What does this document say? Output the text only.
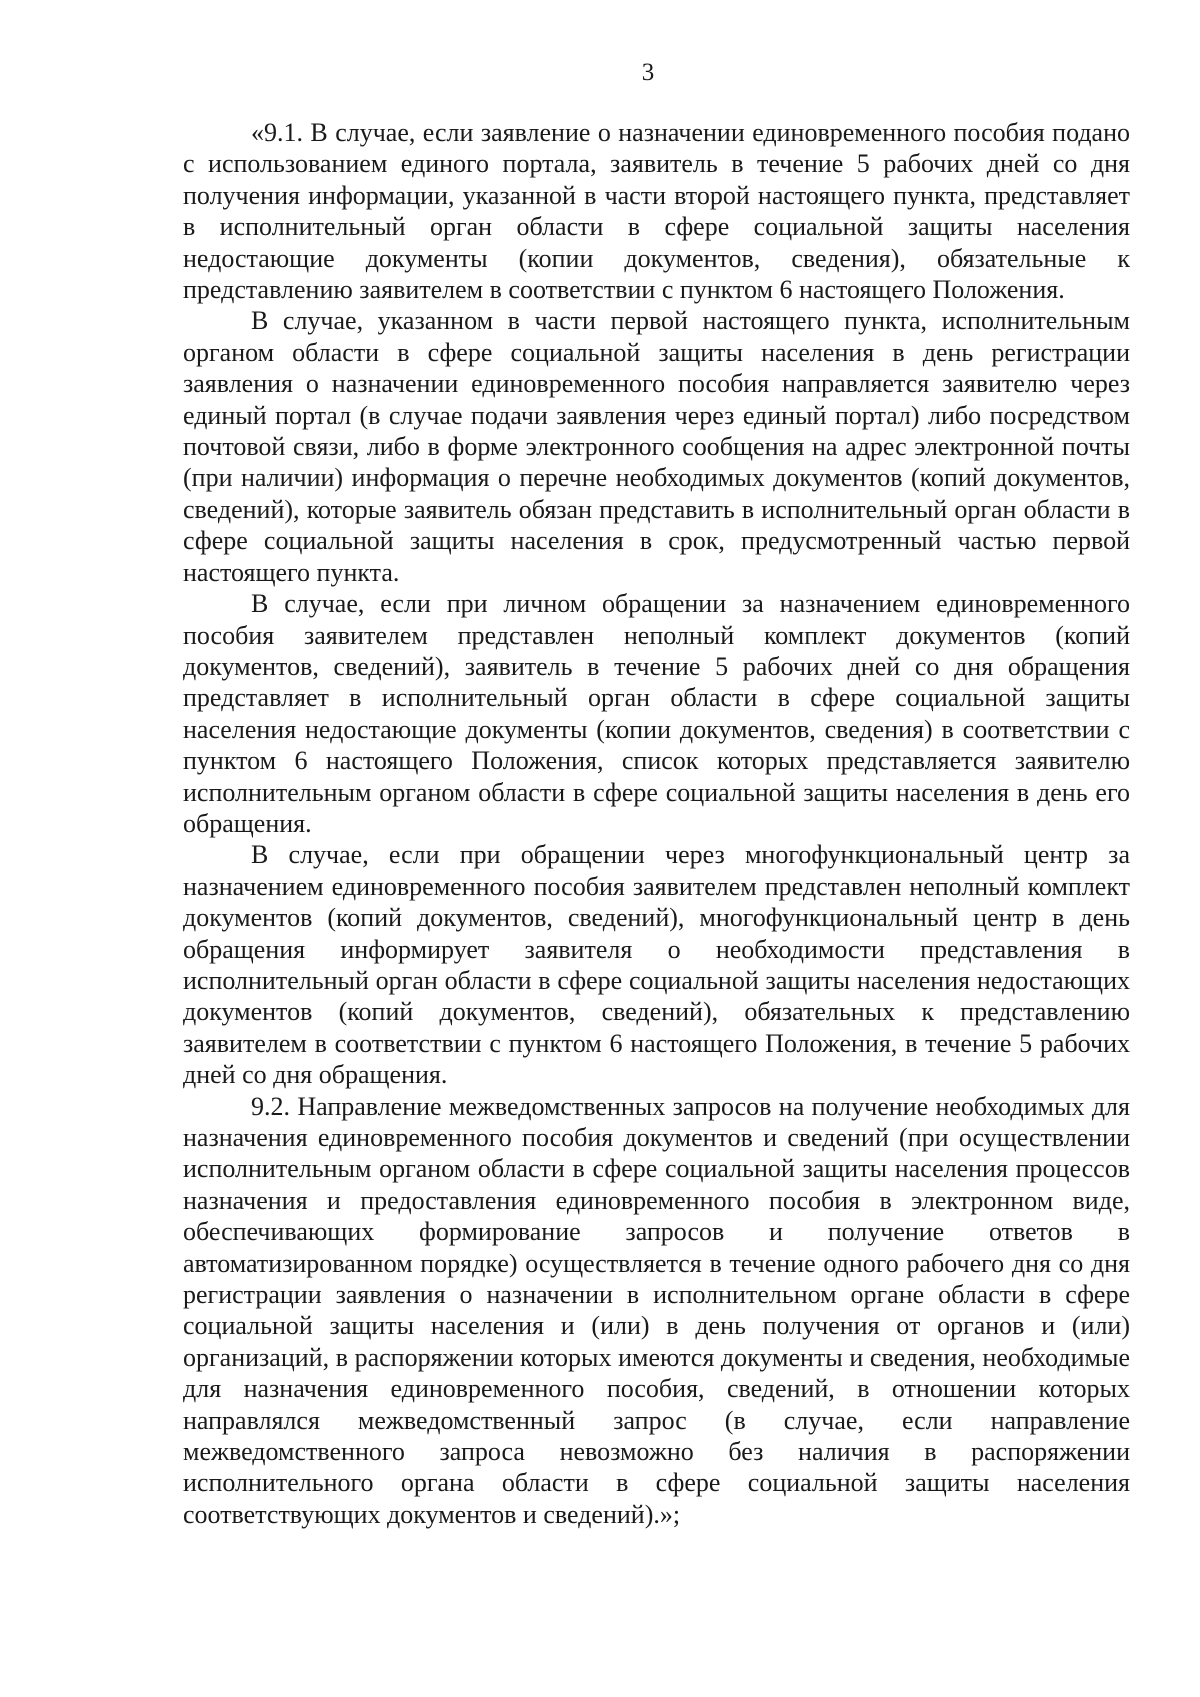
3

«9.1. В случае, если заявление о назначении единовременного пособия подано с использованием единого портала, заявитель в течение 5 рабочих дней со дня получения информации, указанной в части второй настоящего пункта, представляет в исполнительный орган области в сфере социальной защиты населения недостающие документы (копии документов, сведения), обязательные к представлению заявителем в соответствии с пунктом 6 настоящего Положения.

В случае, указанном в части первой настоящего пункта, исполнительным органом области в сфере социальной защиты населения в день регистрации заявления о назначении единовременного пособия направляется заявителю через единый портал (в случае подачи заявления через единый портал) либо посредством почтовой связи, либо в форме электронного сообщения на адрес электронной почты (при наличии) информация о перечне необходимых документов (копий документов, сведений), которые заявитель обязан представить в исполнительный орган области в сфере социальной защиты населения в срок, предусмотренный частью первой настоящего пункта.

В случае, если при личном обращении за назначением единовременного пособия заявителем представлен неполный комплект документов (копий документов, сведений), заявитель в течение 5 рабочих дней со дня обращения представляет в исполнительный орган области в сфере социальной защиты населения недостающие документы (копии документов, сведения) в соответствии с пунктом 6 настоящего Положения, список которых представляется заявителю исполнительным органом области в сфере социальной защиты населения в день его обращения.

В случае, если при обращении через многофункциональный центр за назначением единовременного пособия заявителем представлен неполный комплект документов (копий документов, сведений), многофункциональный центр в день обращения информирует заявителя о необходимости представления в исполнительный орган области в сфере социальной защиты населения недостающих документов (копий документов, сведений), обязательных к представлению заявителем в соответствии с пунктом 6 настоящего Положения, в течение 5 рабочих дней со дня обращения.

9.2. Направление межведомственных запросов на получение необходимых для назначения единовременного пособия документов и сведений (при осуществлении исполнительным органом области в сфере социальной защиты населения процессов назначения и предоставления единовременного пособия в электронном виде, обеспечивающих формирование запросов и получение ответов в автоматизированном порядке) осуществляется в течение одного рабочего дня со дня регистрации заявления о назначении в исполнительном органе области в сфере социальной защиты населения и (или) в день получения от органов и (или) организаций, в распоряжении которых имеются документы и сведения, необходимые для назначения единовременного пособия, сведений, в отношении которых направлялся межведомственный запрос (в случае, если направление межведомственного запроса невозможно без наличия в распоряжении исполнительного органа области в сфере социальной защиты населения соответствующих документов и сведений).»;
